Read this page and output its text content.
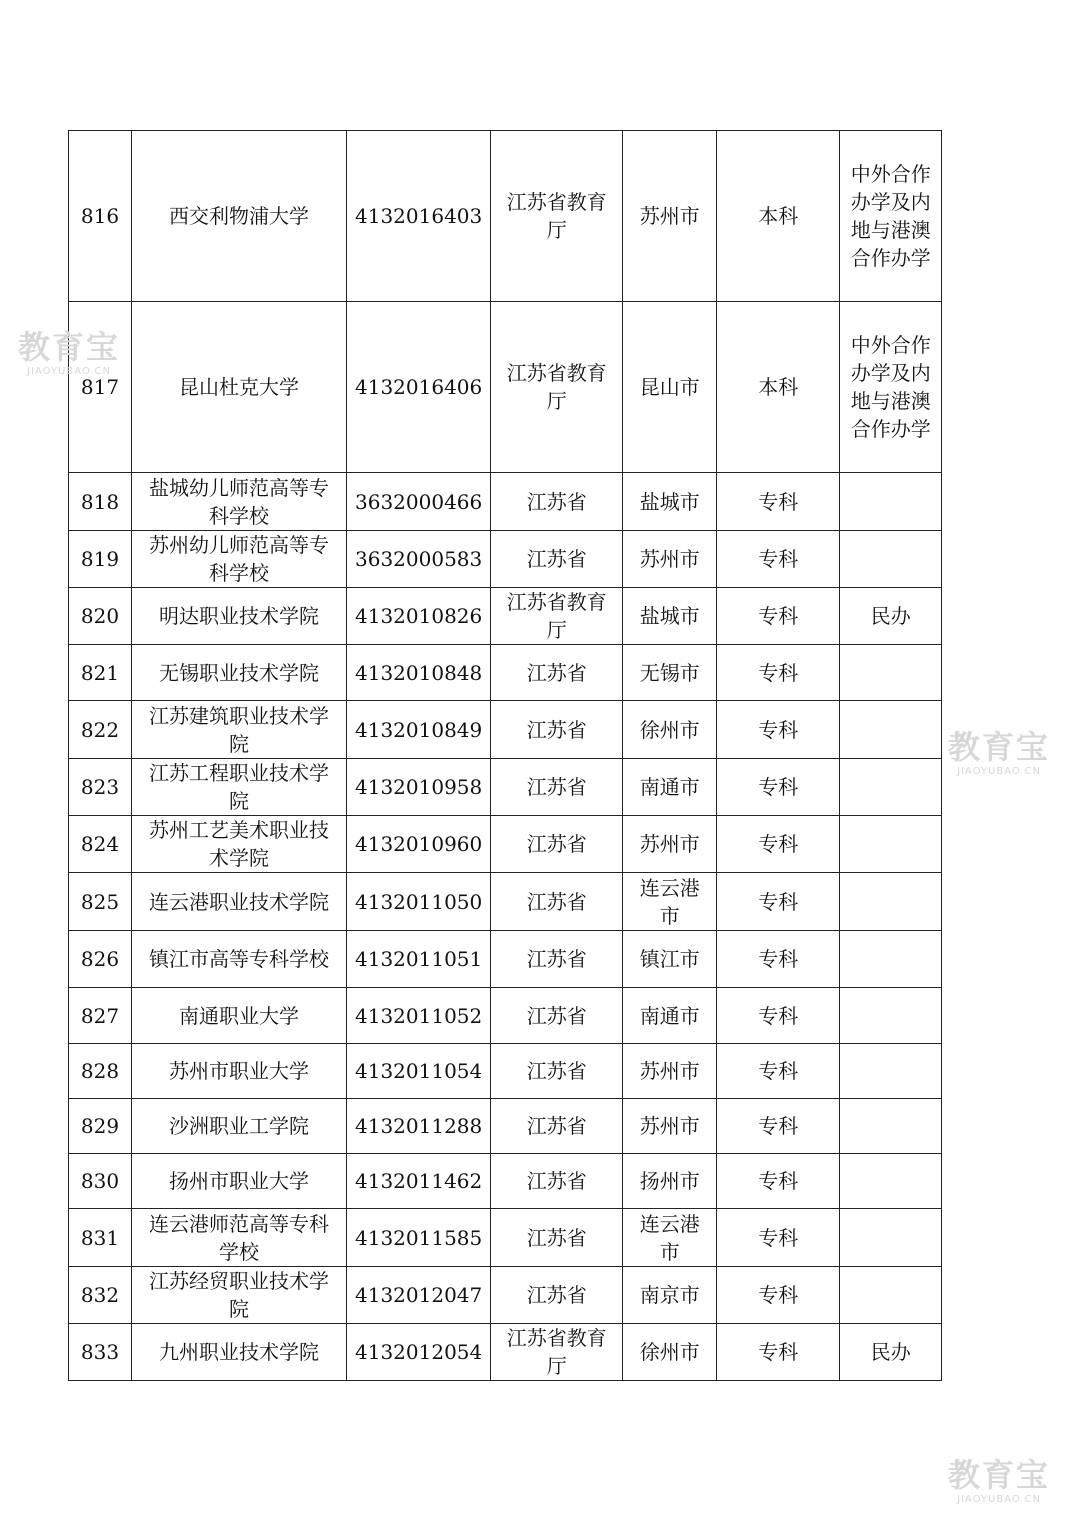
816	西交利物浦大学	4132016403	江苏省教育厅	苏州市	本科	中外合作办学及内地与港澳合作办学
817	昆山杜克大学	4132016406	江苏省教育厅	昆山市	本科	中外合作办学及内地与港澳合作办学
818	盐城幼儿师范高等专科学校	3632000466	江苏省	盐城市	专科	
819	苏州幼儿师范高等专科学校	3632000583	江苏省	苏州市	专科	
820	明达职业技术学院	4132010826	江苏省教育厅	盐城市	专科	民办
821	无锡职业技术学院	4132010848	江苏省	无锡市	专科	
822	江苏建筑职业技术学院	4132010849	江苏省	徐州市	专科	
823	江苏工程职业技术学院	4132010958	江苏省	南通市	专科	
824	苏州工艺美术职业技术学院	4132010960	江苏省	苏州市	专科	
825	连云港职业技术学院	4132011050	江苏省	连云港市	专科	
826	镇江市高等专科学校	4132011051	江苏省	镇江市	专科	
827	南通职业大学	4132011052	江苏省	南通市	专科	
828	苏州市职业大学	4132011054	江苏省	苏州市	专科	
829	沙洲职业工学院	4132011288	江苏省	苏州市	专科	
830	扬州市职业大学	4132011462	江苏省	扬州市	专科	
831	连云港师范高等专科学校	4132011585	江苏省	连云港市	专科	
832	江苏经贸职业技术学院	4132012047	江苏省	南京市	专科	
833	九州职业技术学院	4132012054	江苏省教育厅	徐州市	专科	民办
教育宝
JIAOYUBAO.CN
教育宝
JIAOYUBAO.CN
教育宝
JIAOYUBAO.CN
